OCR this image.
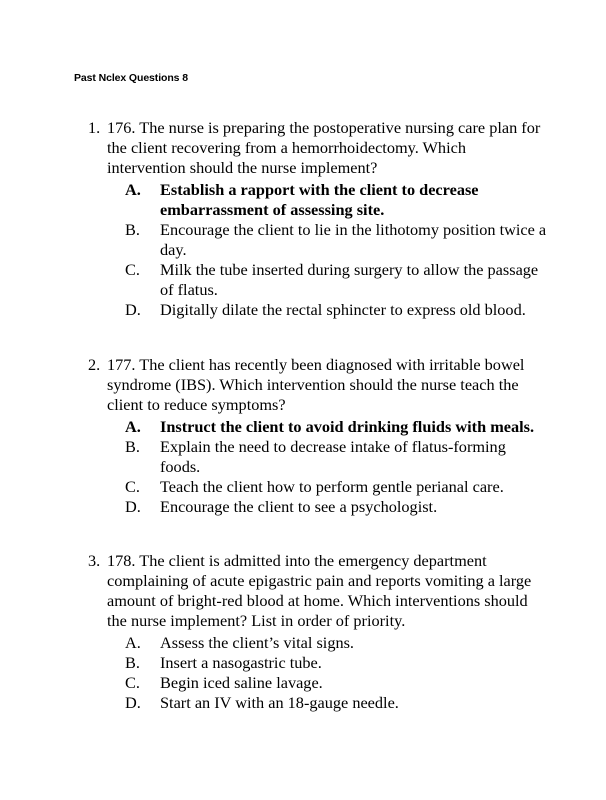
Past Nclex Questions 8
1. 176. The nurse is preparing the postoperative nursing care plan for the client recovering from a hemorrhoidectomy. Which intervention should the nurse implement?
A.	Establish a rapport with the client to decrease embarrassment of assessing site.
B.	Encourage the client to lie in the lithotomy position twice a day.
C.	Milk the tube inserted during surgery to allow the passage of flatus.
D.	Digitally dilate the rectal sphincter to express old blood.
2. 177. The client has recently been diagnosed with irritable bowel syndrome (IBS). Which intervention should the nurse teach the client to reduce symptoms?
A.	Instruct the client to avoid drinking fluids with meals.
B.	Explain the need to decrease intake of flatus-forming foods.
C.	Teach the client how to perform gentle perianal care.
D.	Encourage the client to see a psychologist.
3. 178. The client is admitted into the emergency department complaining of acute epigastric pain and reports vomiting a large amount of bright-red blood at home. Which interventions should the nurse implement? List in order of priority.
A.	Assess the client’s vital signs.
B.	Insert a nasogastric tube.
C.	Begin iced saline lavage.
D.	Start an IV with an 18-gauge needle.
